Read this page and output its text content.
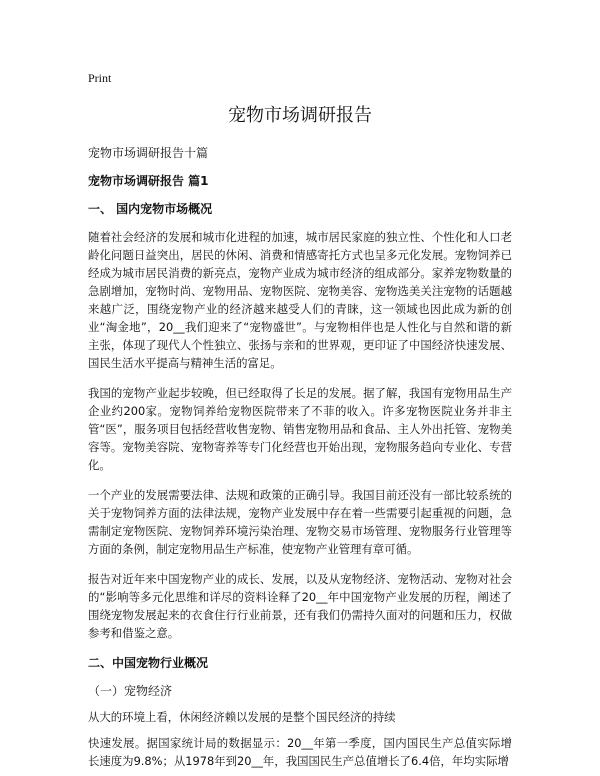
Print

宠物市场调研报告

宠物市场调研报告十篇

宠物市场调研报告 篇1

一、 国内宠物市场概况

随着社会经济的发展和城市化进程的加速，城市居民家庭的独立性、个性化和人口老龄化问题日益突出，居民的休闲、消费和情感寄托方式也呈多元化发展。宠物饲养已经成为城市居民消费的新亮点，宠物产业成为城市经济的组成部分。家养宠物数量的急剧增加，宠物时尚、宠物用品、宠物医院、宠物美容、宠物选美关注宠物的话题越来越广泛，围绕宠物产业的经济越来越受人们的青睐，这一领域也因此成为新的创业“淘金地”，20__我们迎来了“宠物盛世”。与宠物相伴也是人性化与自然和谐的新主张，体现了现代人个性独立、张扬与亲和的世界观，更印证了中国经济快速发展、国民生活水平提高与精神生活的富足。

我国的宠物产业起步较晚，但已经取得了长足的发展。据了解，我国有宠物用品生产企业约200家。宠物饲养给宠物医院带来了不菲的收入。许多宠物医院业务并非主管“医”，服务项目包括经营收售宠物、销售宠物用品和食品、主人外出托管、宠物美容等。宠物美容院、宠物寄养等专门化经营也开始出现，宠物服务趋向专业化、专营化。

一个产业的发展需要法律、法规和政策的正确引导。我国目前还没有一部比较系统的关于宠物饲养方面的法律法规，宠物产业发展中存在着一些需要引起重视的问题，急需制定宠物医院、宠物饲养环境污染治理、宠物交易市场管理、宠物服务行业管理等方面的条例，制定宠物用品生产标准，使宠物产业管理有章可循。

报告对近年来中国宠物产业的成长、发展，以及从宠物经济、宠物活动、宠物对社会的“影响等多元化思维和详尽的资料诠释了20__年中国宠物产业发展的历程，阐述了围绕宠物发展起来的衣食住行行业前景，还有我们仍需持久面对的问题和压力，权做参考和借鉴之意。

二、中国宠物行业概况

（一）宠物经济

从大的环境上看，休闲经济赖以发展的是整个国民经济的持续

快速发展。据国家统计局的数据显示：20__年第一季度，国内国民生产总值实际增长速度为9.8%；从1978年到20__年，我国国民生产总值增长了6.4倍，年均实际增
